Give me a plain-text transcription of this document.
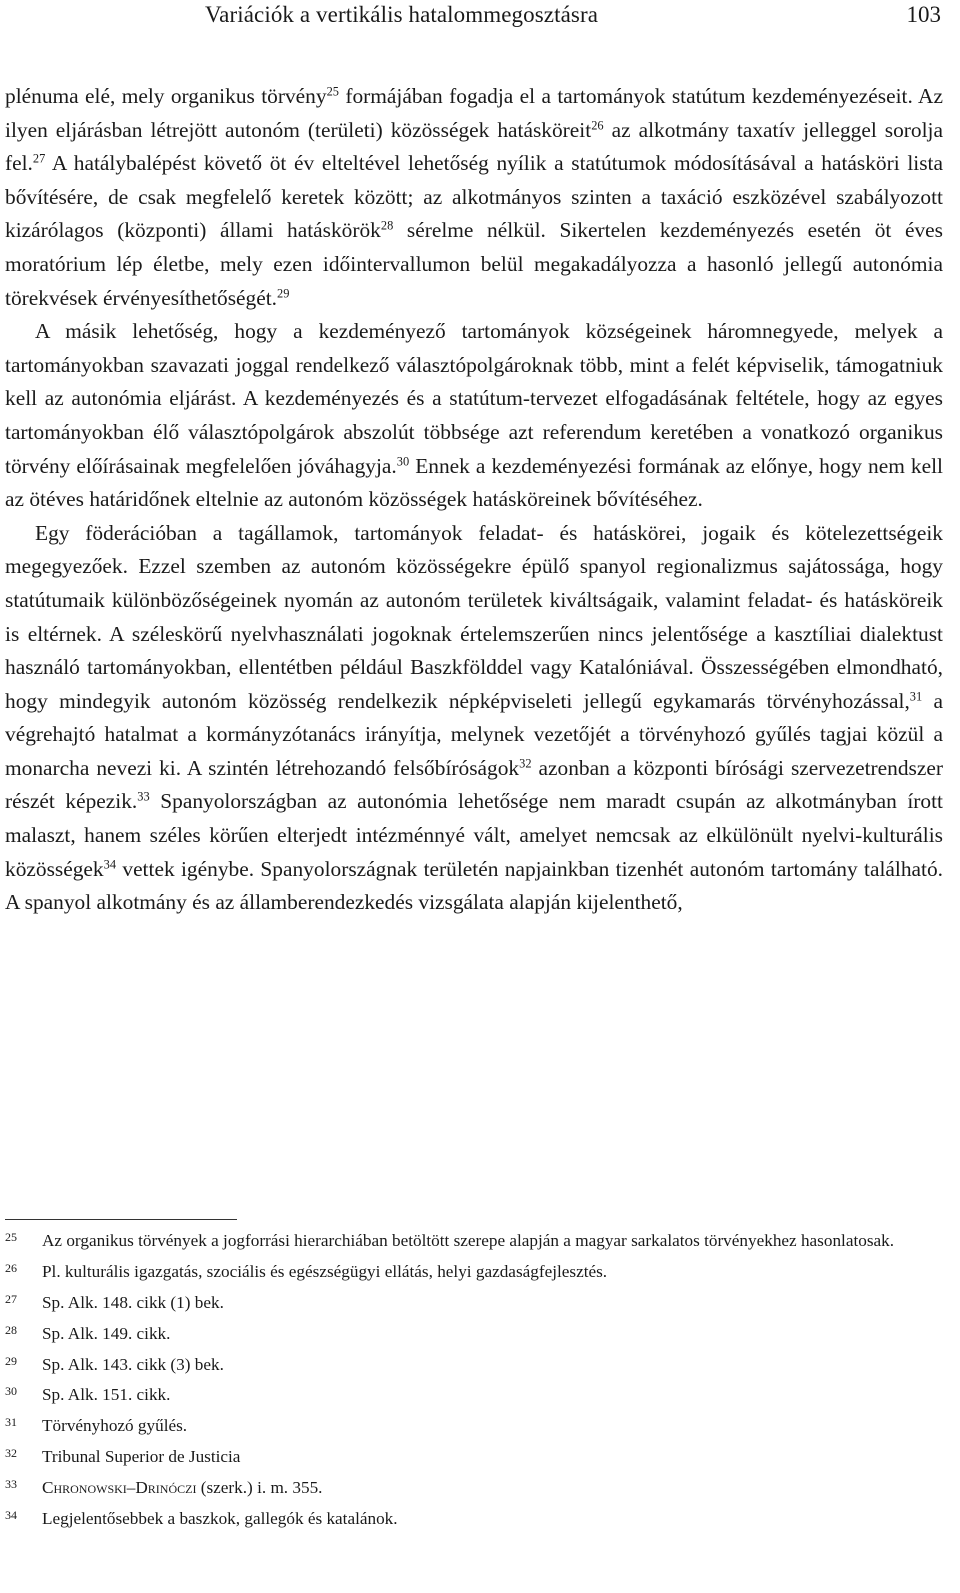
Variációk a vertikális hatalommegosztásra	103

plénuma elé, mely organikus törvény$^{25}$ formájában fogadja el a tartományok statútum kezdeményezéseit. Az ilyen eljárásban létrejött autonóm (területi) közösségek hatásköreit$^{26}$ az alkotmány taxatív jelleggel sorolja fel.$^{27}$ A hatálybalépést követő öt év elteltével lehetőség nyílik a statútumok módosításával a hatásköri lista bővítésére, de csak megfelelő keretek között; az alkotmányos szinten a taxáció eszközével szabályozott kizárólagos (központi) állami hatáskörök$^{28}$ sérelme nélkül. Sikertelen kezdeményezés esetén öt éves moratórium lép életbe, mely ezen időintervallumon belül megakadályozza a hasonló jellegű autonómia törekvések érvényesíthetőségét.$^{29}$

A másik lehetőség, hogy a kezdeményező tartományok községeinek háromnegyede, melyek a tartományokban szavazati joggal rendelkező választópolgároknak több, mint a felét képviselik, támogatniuk kell az autonómia eljárást. A kezdeményezés és a statútum-tervezet elfogadásának feltétele, hogy az egyes tartományokban élő választópolgárok abszolút többsége azt referendum keretében a vonatkozó organikus törvény előírásainak megfelelően jóváhagyja.$^{30}$ Ennek a kezdeményezési formának az előnye, hogy nem kell az ötéves határidőnek eltelnie az autonóm közösségek hatásköreinek bővítéséhez.

Egy föderációban a tagállamok, tartományok feladat- és hatáskörei, jogaik és kötelezettségeik megegyezőek. Ezzel szemben az autonóm közösségekre épülő spanyol regionalizmus sajátossága, hogy statútumaik különbözőségeinek nyomán az autonóm területek kiváltságaik, valamint feladat- és hatásköreik is eltérnek. A széleskörű nyelvhasználati jogoknak értelemszerűen nincs jelentősége a kasztíliai dialektust használó tartományokban, ellentétben például Baszkfölddel vagy Katalóniával. Összességében elmondható, hogy mindegyik autonóm közösség rendelkezik népképviseleti jellegű egykamarás törvényhozással,$^{31}$ a végrehajtó hatalmat a kormányzótanács irányítja, melynek vezetőjét a törvényhozó gyűlés tagjai közül a monarcha nevezi ki. A szintén létrehozandó felsőbíróságok$^{32}$ azonban a központi bírósági szervezetrendszer részét képezik.$^{33}$ Spanyolországban az autonómia lehetősége nem maradt csupán az alkotmányban írott malaszt, hanem széles körűen elterjedt intézménnyé vált, amelyet nemcsak az elkülönült nyelvi-kulturális közösségek$^{34}$ vettek igénybe. Spanyolországnak területén napjainkban tizenhét autonóm tartomány található. A spanyol alkotmány és az államberendezkedés vizsgálata alapján kijelenthető,

25 Az organikus törvények a jogforrási hierarchiában betöltött szerepe alapján a magyar sarkalatos törvényekhez hasonlatosak.
26 Pl. kulturális igazgatás, szociális és egészségügyi ellátás, helyi gazdaságfejlesztés.
27 Sp. Alk. 148. cikk (1) bek.
28 Sp. Alk. 149. cikk.
29 Sp. Alk. 143. cikk (3) bek.
30 Sp. Alk. 151. cikk.
31 Törvényhozó gyűlés.
32 Tribunal Superior de Justicia
33 Chronowski–Drinóczi (szerk.) i. m. 355.
34 Legjelentősebbek a baszkok, gallegók és katalánok.
